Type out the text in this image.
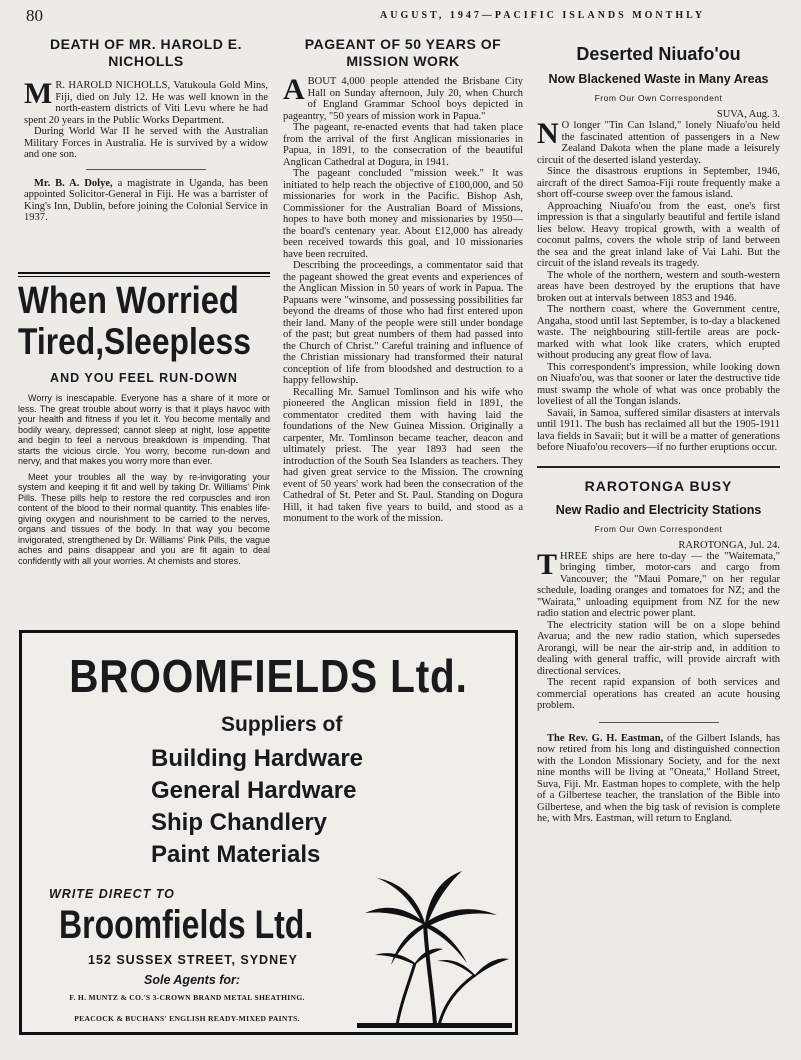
80	AUGUST, 1947—PACIFIC ISLANDS MONTHLY
DEATH OF MR. HAROLD E. NICHOLLS

M R. HAROLD NICHOLLS, Vatukoula Gold Mins, Fiji, died on July 12. He was well known in the north-eastern districts of Viti Levu where he had spent 20 years in the Public Works Department.

During World War II he served with the Australian Military Forces in Australia. He is survived by a widow and one son.

Mr. B. A. Dolye, a magistrate in Uganda, has been appointed Solicitor-General in Fiji. He was a barrister of King's Inn, Dublin, before joining the Colonial Service in 1937.

When Worried
Tired,Sleepless
AND YOU FEEL RUN-DOWN

Worry is inescapable. Everyone has a share of it more or less. The great trouble about worry is that it plays havoc with your health and fitness if you let it. You become mentally and bodily weary, depressed; cannot sleep at night, lose appetite and begin to feel a nervous breakdown is impending. That starts the vicious circle. You worry, become run-down and nervy, and that makes you worry more than ever.

Meet your troubles all the way by re-invigorating your system and keeping it fit and well by taking Dr. Williams' Pink Pills. These pills help to restore the red corpuscles and iron content of the blood to their normal quantity. This enables life-giving oxygen and nourishment to be carried to the nerves, organs and tissues of the body. In that way you become invigorated, strengthened by Dr. Williams' Pink Pills, the vague aches and pains disappear and you are fit again to deal confidently with all your worries. At chemists and stores.

PAGEANT OF 50 YEARS OF MISSION WORK

ABOUT 4,000 people attended the Brisbane City Hall on Sunday afternoon, July 20, when Church of England Grammar School boys depicted in pageantry, "50 years of mission work in Papua."

The pageant, re-enacted events that had taken place from the arrival of the first Anglican missionaries in Papua, in 1891, to the consecration of the beautiful Anglican Cathedral at Dogura, in 1941.

The pageant concluded "mission week." It was initiated to help reach the objective of £100,000, and 50 missionaries for work in the Pacific. Bishop Ash, Commissioner for the Australian Board of Missions, hopes to have both money and missionaries by 1950—the board's centenary year. About £12,000 has already been received towards this goal, and 10 missionaries have been recruited.

Describing the proceedings, a commentator said that the pageant showed the great events and experiences of the Anglican Mission in 50 years of work in Papua. The Papuans were "winsome, and possessing possibilities far beyond the dreams of those who had first entered upon their land. Many of the people were still under bondage of the past; but great numbers of them had passed into the Church of Christ." Careful training and influence of the Christian missionary had transformed their natural conception of life from bloodshed and destruction to a happy fellowship.

Recalling Mr. Samuel Tomlinson and his wife who pioneered the Anglican mission field in 1891, the commentator credited them with having laid the foundations of the New Guinea Mission. Originally a carpenter, Mr. Tomlinson became teacher, deacon and ultimately priest. The year 1893 had seen the introduction of the South Sea Islanders as teachers. They had given great service to the Mission. The crowning event of 50 years' work had been the consecration of the Cathedral of St. Peter and St. Paul. Standing on Dogura Hill, it had taken five years to build, and stood as a monument to the work of the mission.

Deserted Niuafo'ou
Now Blackened Waste in Many Areas
From Our Own Correspondent

SUVA, Aug. 3.

N O longer "Tin Can Island," lonely Niuafo'ou held the fascinated attention of passengers in a New Zealand Dakota when the plane made a leisurely circuit of the deserted island yesterday.

Since the disastrous eruptions in September, 1946, aircraft of the direct Samoa-Fiji route frequently make a short off-course sweep over the famous island.

Approaching Niuafo'ou from the east, one's first impression is that a singularly beautiful and fertile island lies below. Heavy tropical growth, with a wealth of coconut palms, covers the whole strip of land between the sea and the great inland lake of Vai Lahi. But the circuit of the island reveals its tragedy.

The whole of the northern, western and south-western areas have been destroyed by the eruptions that have broken out at intervals between 1853 and 1946.

The northern coast, where the Government centre, Angaha, stood until last September, is to-day a blackened waste. The neighbouring still-fertile areas are pock-marked with what look like craters, which erupted without producing any great flow of lava.

This correspondent's impression, while looking down on Niuafo'ou, was that sooner or later the destructive tide must swamp the whole of what was once probably the loveliest of all the Tongan islands.

Savaii, in Samoa, suffered similar disasters at intervals until 1911. The bush has reclaimed all but the 1905-1911 lava fields in Savaii; but it will be a matter of generations before Niuafo'ou recovers—if no further eruptions occur.

RAROTONGA BUSY
New Radio and Electricity Stations
From Our Own Correspondent

RAROTONGA, Jul. 24.

THREE ships are here to-day — the "Waitemata," bringing timber, motor-cars and cargo from Vancouver; the "Maui Pomare," on her regular schedule, loading oranges and tomatoes for NZ; and the "Wairata," unloading equipment from NZ for the new radio station and electric power plant.

The electricity station will be on a slope behind Avarua; and the new radio station, which supersedes Arorangi, will be near the air-strip and, in addition to dealing with general traffic, will provide aircraft with directional services.

The recent rapid expansion of both services and commercial operations has created an acute housing problem.

The Rev. G. H. Eastman, of the Gilbert Islands, has now retired from his long and distinguished connection with the London Missionary Society, and for the next nine months will be living at "Oneata," Holland Street, Suva, Fiji. Mr. Eastman hopes to complete, with the help of a Gilbertese teacher, the translation of the Bible into Gilbertese, and when the big task of revision is complete he, with Mrs. Eastman, will return to England.

BROOMFIELDS Ltd.
Suppliers of
Building Hardware
General Hardware
Ship Chandlery
Paint Materials
WRITE DIRECT TO
Broomfields Ltd.
152 SUSSEX STREET, SYDNEY
Sole Agents for:
F. H. MUNTZ & CO.'S 3-CROWN BRAND METAL SHEATHING.
PEACOCK & BUCHANS' ENGLISH READY-MIXED PAINTS.
